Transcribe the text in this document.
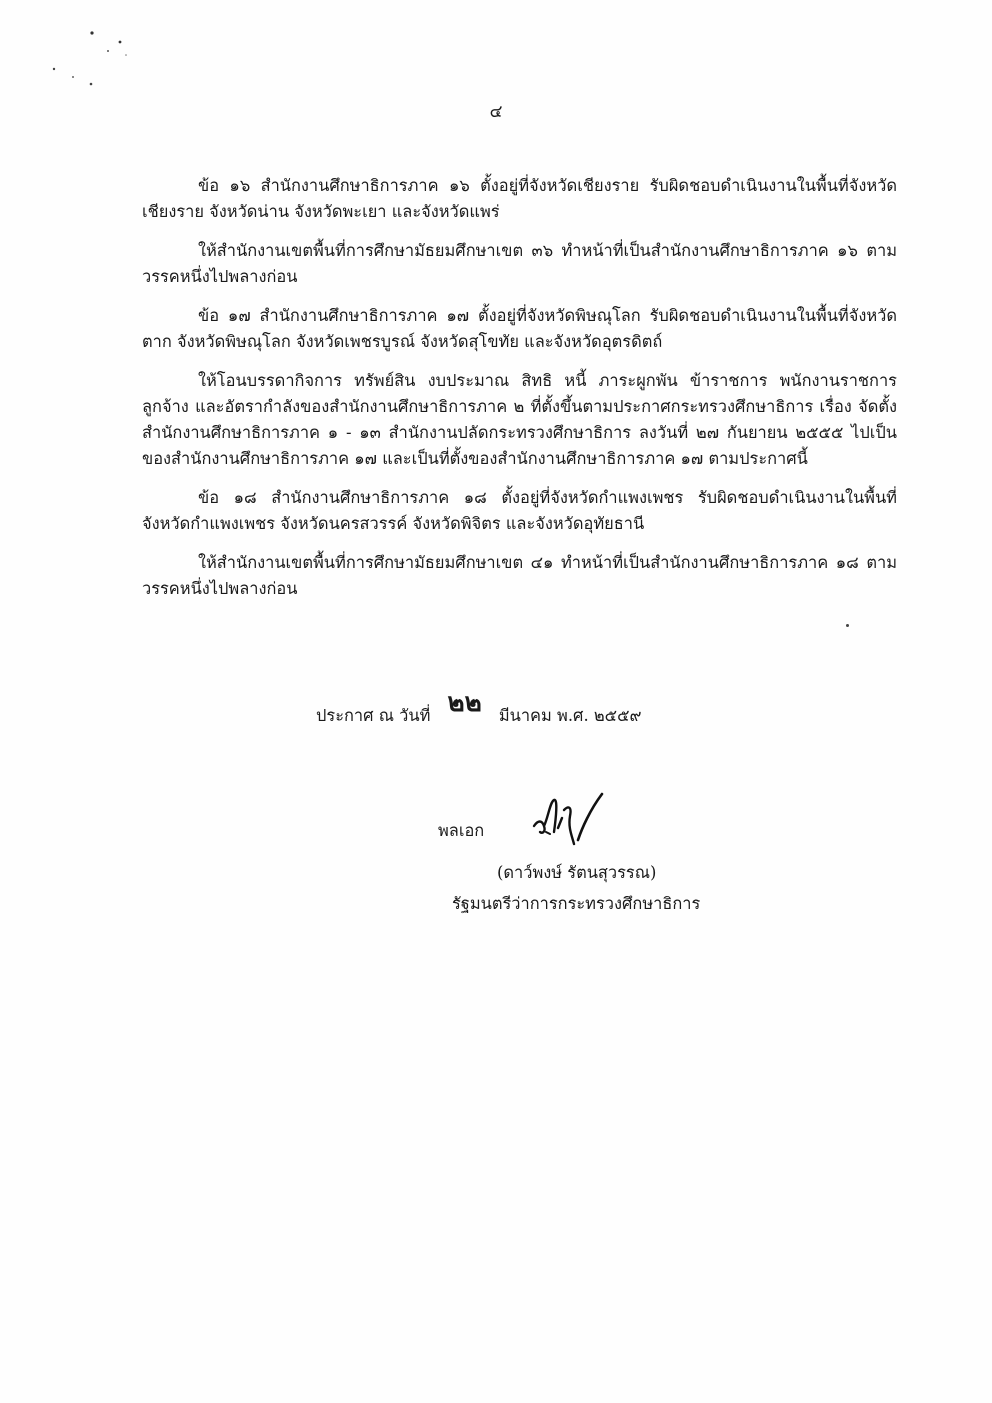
๔

ข้อ ๑๖ สำนักงานศึกษาธิการภาค ๑๖ ตั้งอยู่ที่จังหวัดเชียงราย รับผิดชอบดำเนินงานในพื้นที่จังหวัดเชียงราย จังหวัดน่าน จังหวัดพะเยา และจังหวัดแพร่

ให้สำนักงานเขตพื้นที่การศึกษามัธยมศึกษาเขต ๓๖ ทำหน้าที่เป็นสำนักงานศึกษาธิการภาค ๑๖ ตามวรรคหนึ่งไปพลางก่อน

ข้อ ๑๗ สำนักงานศึกษาธิการภาค ๑๗ ตั้งอยู่ที่จังหวัดพิษณุโลก รับผิดชอบดำเนินงานในพื้นที่จังหวัดตาก จังหวัดพิษณุโลก จังหวัดเพชรบูรณ์ จังหวัดสุโขทัย และจังหวัดอุตรดิตถ์

ให้โอนบรรดากิจการ ทรัพย์สิน งบประมาณ สิทธิ หนี้ ภาระผูกพัน ข้าราชการ พนักงานราชการ ลูกจ้าง และอัตรากำลังของสำนักงานศึกษาธิการภาค ๒ ที่ตั้งขึ้นตามประกาศกระทรวงศึกษาธิการ เรื่อง จัดตั้งสำนักงานศึกษาธิการภาค ๑ - ๑๓ สำนักงานปลัดกระทรวงศึกษาธิการ ลงวันที่ ๒๗ กันยายน ๒๕๕๕ ไปเป็นของสำนักงานศึกษาธิการภาค ๑๗ และเป็นที่ตั้งของสำนักงานศึกษาธิการภาค ๑๗ ตามประกาศนี้

ข้อ ๑๘ สำนักงานศึกษาธิการภาค ๑๘ ตั้งอยู่ที่จังหวัดกำแพงเพชร รับผิดชอบดำเนินงานในพื้นที่จังหวัดกำแพงเพชร จังหวัดนครสวรรค์ จังหวัดพิจิตร และจังหวัดอุทัยธานี

ให้สำนักงานเขตพื้นที่การศึกษามัธยมศึกษาเขต ๔๑ ทำหน้าที่เป็นสำนักงานศึกษาธิการภาค ๑๘ ตามวรรคหนึ่งไปพลางก่อน

ประกาศ ณ วันที่ ๒๒ มีนาคม พ.ศ. ๒๕๕๙
พลเอก
(ดาว์พงษ์ รัตนสุวรรณ)
รัฐมนตรีว่าการกระทรวงศึกษาธิการ
